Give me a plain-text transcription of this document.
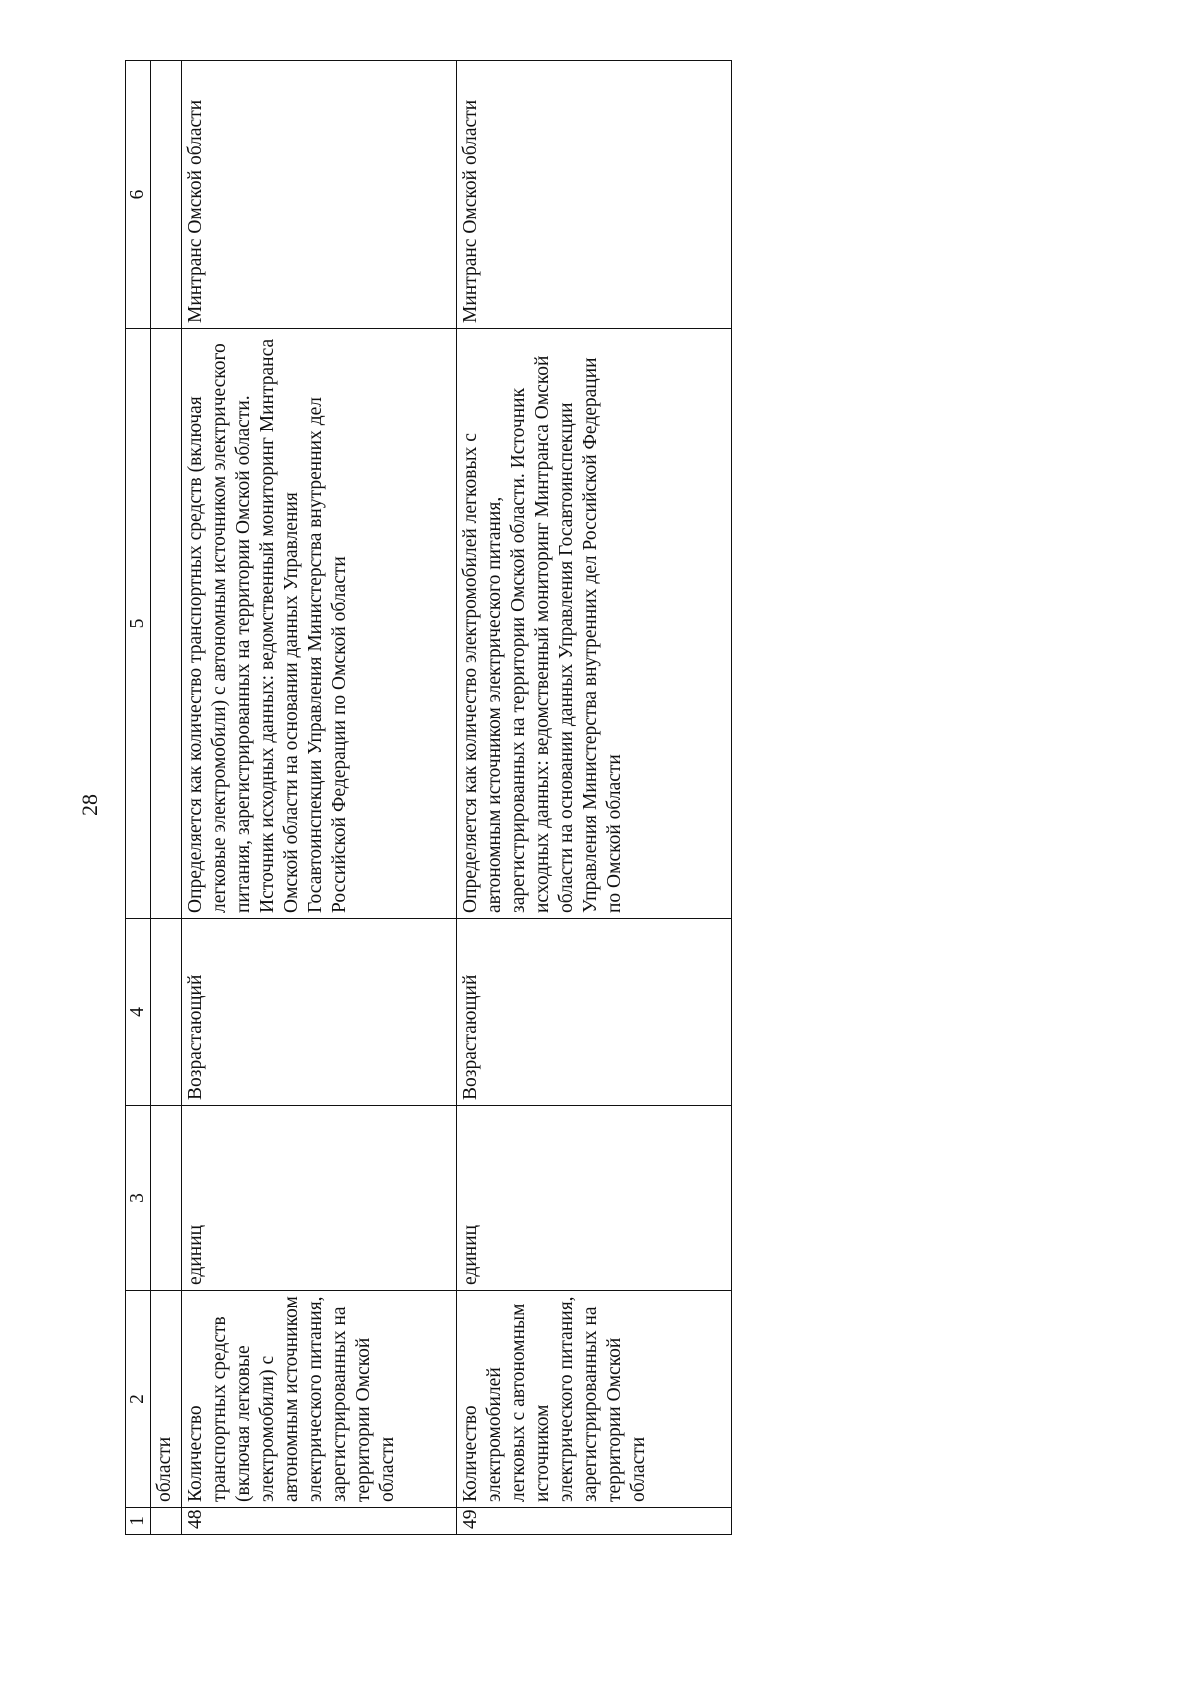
28
1	2	3	4	5	6
	области				
48	Количество транспортных средств (включая легковые электромобили) с автономным источником электрического питания, зарегистрированных на территории Омской области	единиц	Возрастающий	Определяется как количество транспортных средств (включая легковые электромобили) с автономным источником электрического питания, зарегистрированных на территории Омской области. Источник исходных данных: ведомственный мониторинг Минтранса Омской области на основании данных Управления Госавтоинспекции Управления Министерства внутренних дел Российской Федерации по Омской области	Минтранс Омской области
49	Количество электромобилей легковых с автономным источником электрического питания, зарегистрированных на территории Омской области	единиц	Возрастающий	Определяется как количество электромобилей легковых с автономным источником электрического питания, зарегистрированных на территории Омской области. Источник исходных данных: ведомственный мониторинг Минтранса Омской области на основании данных Управления Госавтоинспекции Управления Министерства внутренних дел Российской Федерации по Омской области	Минтранс Омской области
